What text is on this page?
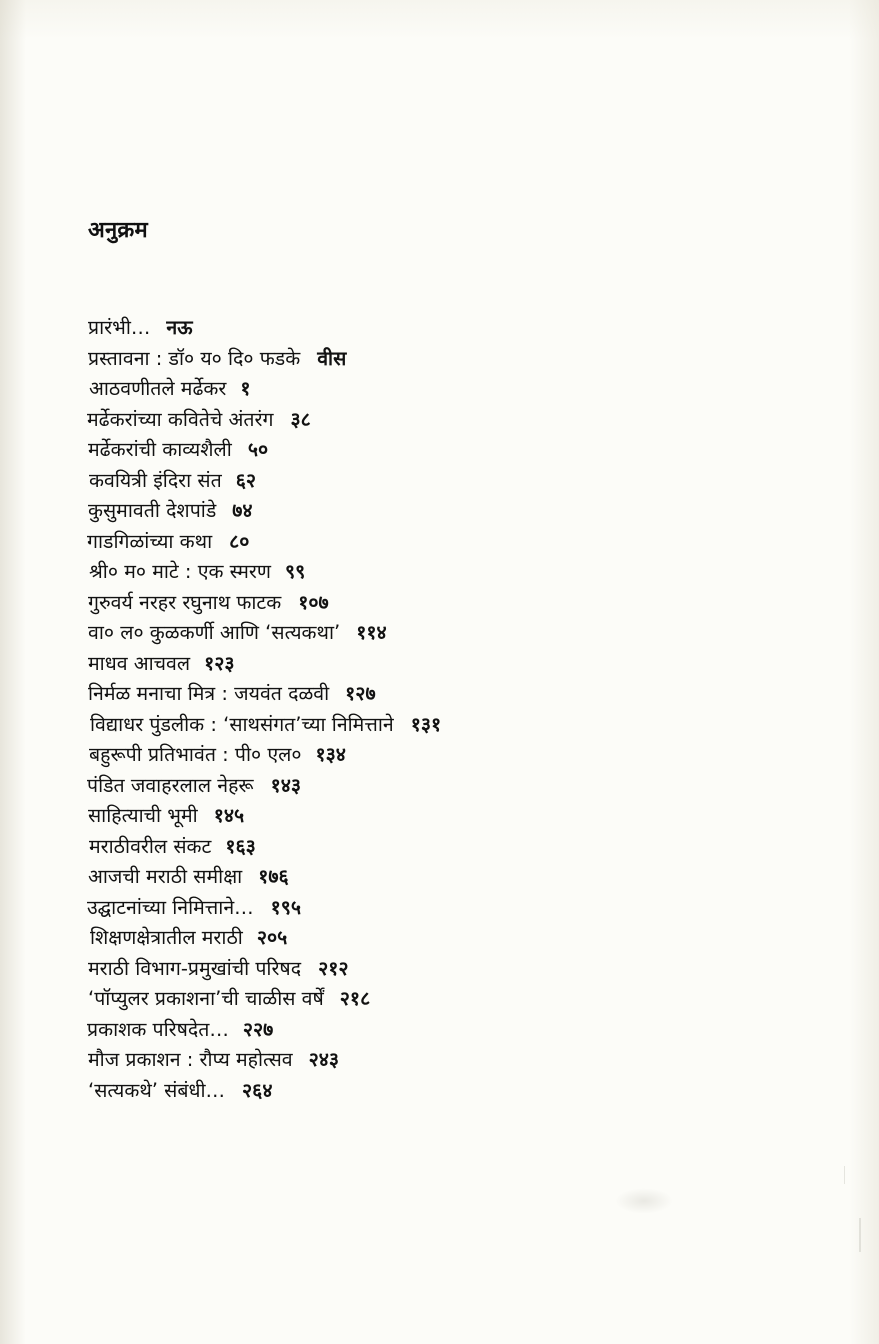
अनुक्रम
प्रारंभी… नऊ
प्रस्तावना : डॉ० य० दि० फडके वीस
आठवणीतले मर्ढेकर १
मर्ढेकरांच्या कवितेचे अंतरंग ३८
मर्ढेकरांची काव्यशैली ५०
कवयित्री इंदिरा संत ६२
कुसुमावती देशपांडे ७४
गाडगिळांच्या कथा ८०
श्री० म० माटे : एक स्मरण ९९
गुरुवर्य नरहर रघुनाथ फाटक १०७
वा० ल० कुळकर्णी आणि ‘सत्यकथा’ ११४
माधव आचवल १२३
निर्मळ मनाचा मित्र : जयवंत दळवी १२७
विद्याधर पुंडलीक : ‘साथसंगत’च्या निमित्ताने १३१
बहुरूपी प्रतिभावंत : पी० एल० १३४
पंडित जवाहरलाल नेहरू १४३
साहित्याची भूमी १४५
मराठीवरील संकट १६३
आजची मराठी समीक्षा १७६
उद्घाटनांच्या निमित्ताने… १९५
शिक्षणक्षेत्रातील मराठी २०५
मराठी विभाग-प्रमुखांची परिषद २१२
‘पॉप्युलर प्रकाशना’ची चाळीस वर्षें २१८
प्रकाशक परिषदेत… २२७
मौज प्रकाशन : रौप्य महोत्सव २४३
‘सत्यकथे’ संबंधी… २६४
